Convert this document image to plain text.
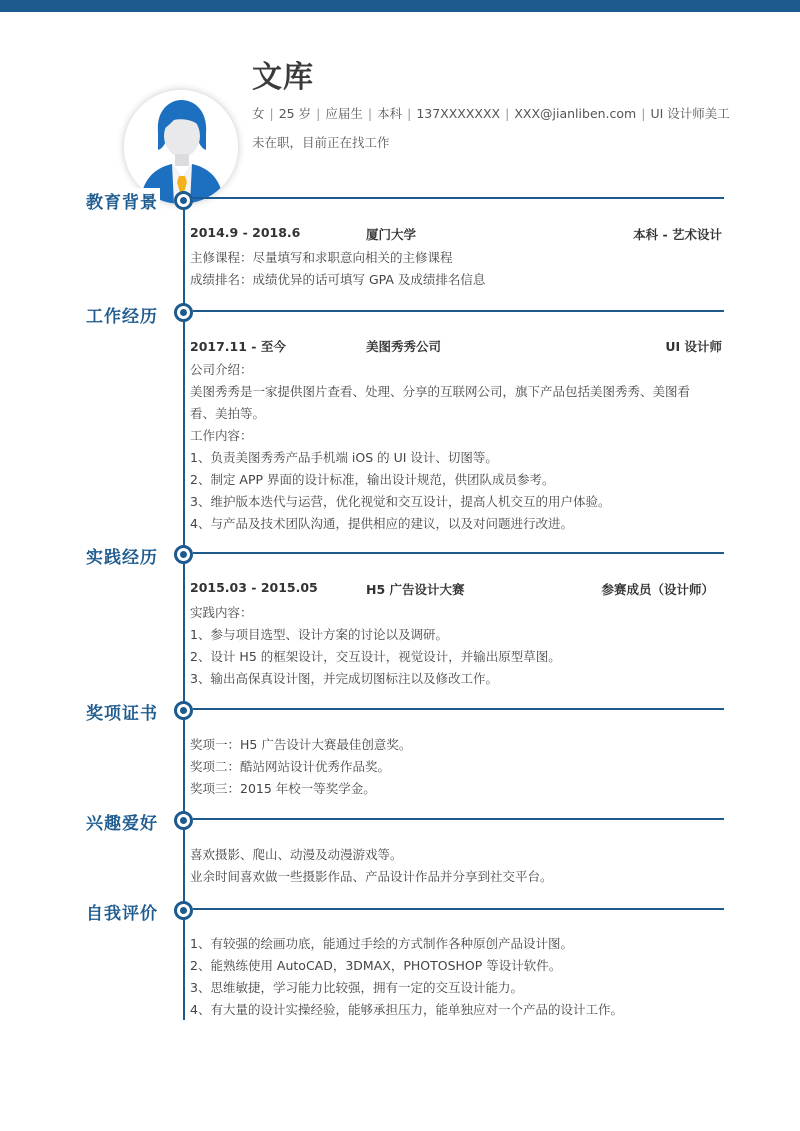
文库
女 | 25 岁 | 应届生 | 本科 | 137XXXXXXX | XXX@jianliben.com | UI 设计师美工
未在职，目前正在找工作
教育背景
2014.9 - 2018.6	厦门大学	本科 - 艺术设计
主修课程：尽量填写和求职意向相关的主修课程
成绩排名：成绩优异的话可填写 GPA 及成绩排名信息
工作经历
2017.11 - 至今	美图秀秀公司	UI 设计师
公司介绍：
美图秀秀是一家提供图片查看、处理、分享的互联网公司，旗下产品包括美图秀秀、美图看
看、美拍等。
工作内容：
1、负责美图秀秀产品手机端 iOS 的 UI 设计、切图等。
2、制定 APP 界面的设计标准，输出设计规范，供团队成员参考。
3、维护版本迭代与运营，优化视觉和交互设计，提高人机交互的用户体验。
4、与产品及技术团队沟通，提供相应的建议，以及对问题进行改进。
实践经历
2015.03 - 2015.05	H5 广告设计大赛	参赛成员（设计师）
实践内容：
1、参与项目选型、设计方案的讨论以及调研。
2、设计 H5 的框架设计，交互设计，视觉设计，并输出原型草图。
3、输出高保真设计图，并完成切图标注以及修改工作。
奖项证书
奖项一：H5 广告设计大赛最佳创意奖。
奖项二：酷站网站设计优秀作品奖。
奖项三：2015 年校一等奖学金。
兴趣爱好
喜欢摄影、爬山、动漫及动漫游戏等。
业余时间喜欢做一些摄影作品、产品设计作品并分享到社交平台。
自我评价
1、有较强的绘画功底，能通过手绘的方式制作各种原创产品设计图。
2、能熟练使用 AutoCAD，3DMAX，PHOTOSHOP 等设计软件。
3、思维敏捷，学习能力比较强，拥有一定的交互设计能力。
4、有大量的设计实操经验，能够承担压力，能单独应对一个产品的设计工作。
